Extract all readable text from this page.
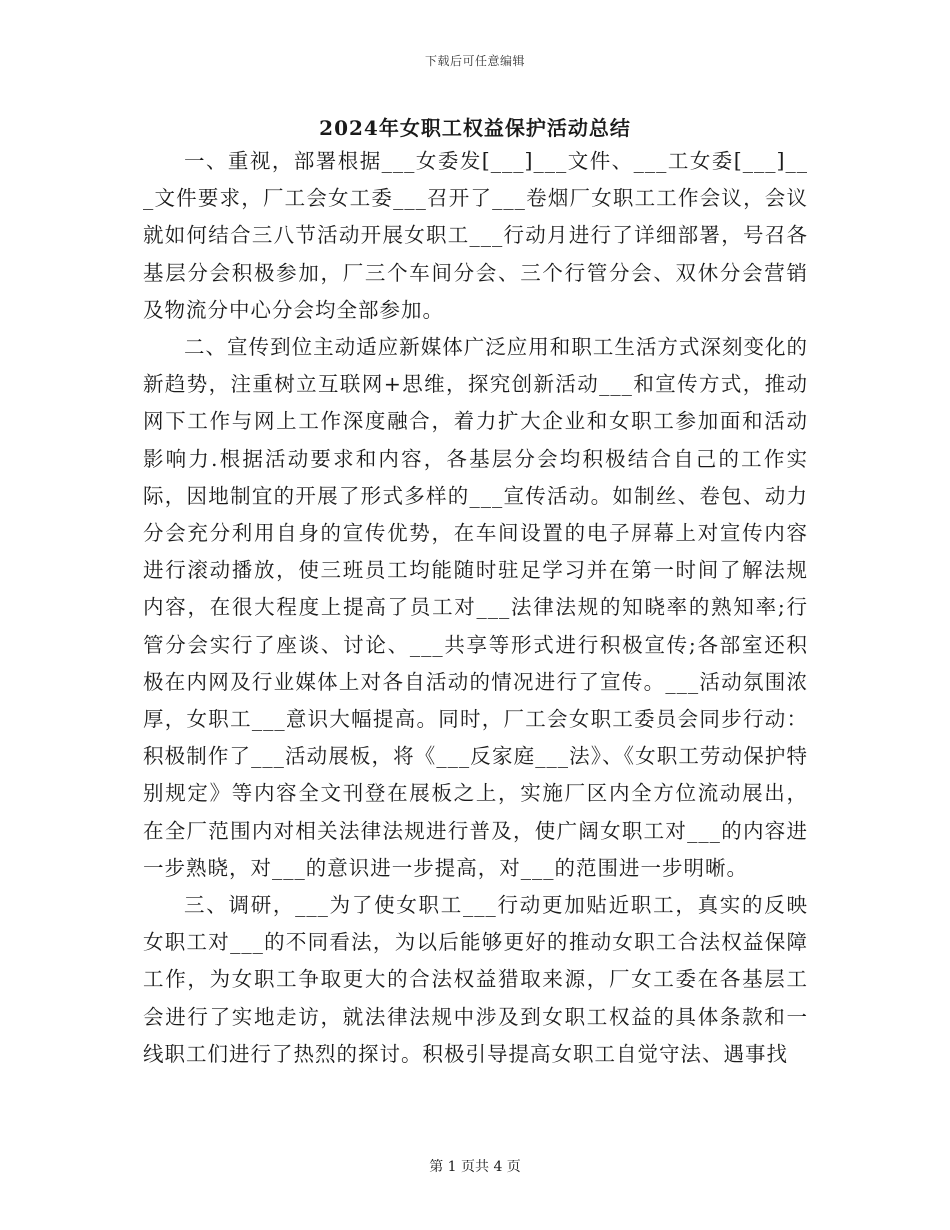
下载后可任意编辑
2024年女职工权益保护活动总结

一、重视，部署根据___女委发[___]___文件、___工女委[___]___文件要求，厂工会女工委___召开了___卷烟厂女职工工作会议，会议就如何结合三八节活动开展女职工___行动月进行了详细部署，号召各基层分会积极参加，厂三个车间分会、三个行管分会、双休分会营销及物流分中心分会均全部参加。

二、宣传到位主动适应新媒体广泛应用和职工生活方式深刻变化的新趋势，注重树立互联网+思维，探究创新活动___和宣传方式，推动网下工作与网上工作深度融合，着力扩大企业和女职工参加面和活动影响力.根据活动要求和内容，各基层分会均积极结合自己的工作实际，因地制宜的开展了形式多样的___宣传活动。如制丝、卷包、动力分会充分利用自身的宣传优势，在车间设置的电子屏幕上对宣传内容进行滚动播放，使三班员工均能随时驻足学习并在第一时间了解法规内容，在很大程度上提高了员工对___法律法规的知晓率的熟知率;行管分会实行了座谈、讨论、___共享等形式进行积极宣传;各部室还积极在内网及行业媒体上对各自活动的情况进行了宣传。___活动氛围浓厚，女职工___意识大幅提高。同时，厂工会女职工委员会同步行动：积极制作了___活动展板，将《___反家庭___法》、《女职工劳动保护特别规定》等内容全文刊登在展板之上，实施厂区内全方位流动展出，在全厂范围内对相关法律法规进行普及，使广阔女职工对___的内容进一步熟晓，对___的意识进一步提高，对___的范围进一步明晰。

三、调研，___为了使女职工___行动更加贴近职工，真实的反映女职工对___的不同看法，为以后能够更好的推动女职工合法权益保障工作，为女职工争取更大的合法权益猎取来源，厂女工委在各基层工会进行了实地走访，就法律法规中涉及到女职工权益的具体条款和一线职工们进行了热烈的探讨。积极引导提高女职工自觉守法、遇事找

第 1 页共 4 页
